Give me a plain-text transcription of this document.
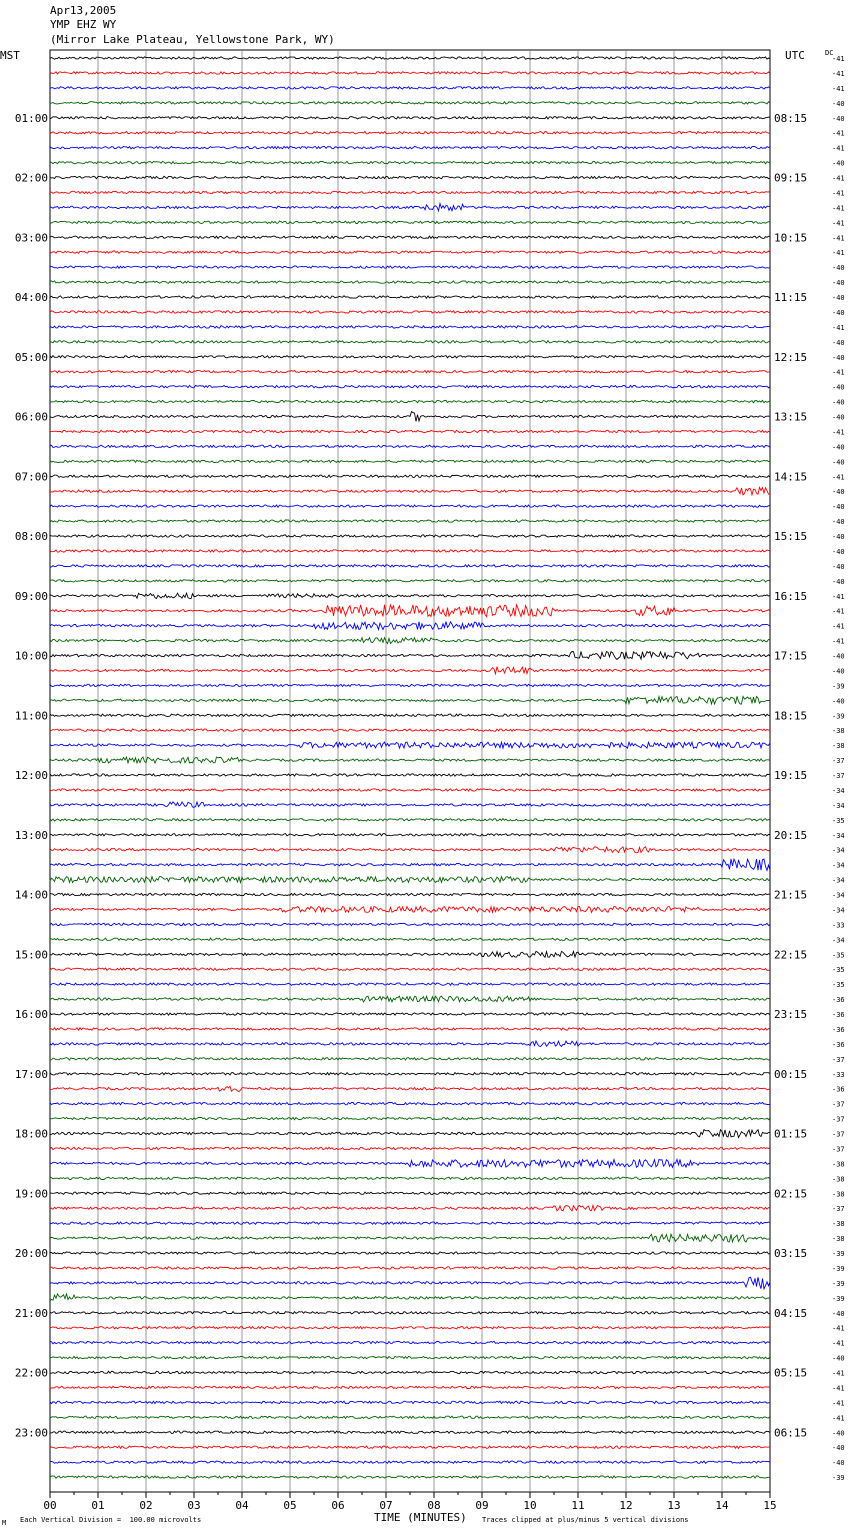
Apr13,2005
YMP EHZ WY
(Mirror Lake Plateau, Yellowstone Park, WY)
MST	UTC	DC
-41
-41
-41
-40
-40
-41
-41
-40
-41
-41
-41
-41
-41
-41
-40
-40
-40
-40
-41
-40
-40
-41
-40
-40
-40
-41
-40
-40
-41
-40
-40
-40
-40
-40
-40
-40
-41
-41
-41
-41
-40
-40
-39
-40
-39
-38
-38
-37
-37
-34
-34
-35
-34
-34
-34
-34
-34
-34
-33
-34
-35
-35
-35
-36
-36
-36
-36
-37
-33
-36
-37
-37
-37
-37
-38
-38
-38
-37
-38
-38
-39
-39
-39
-39
-40
-41
-41
-40
-41
-41
-41
-41
-40
-40
-40
-39
01:00
02:00
03:00
04:00
05:00
06:00
07:00
08:00
09:00
10:00
11:00
12:00
13:00
14:00
15:00
16:00
17:00
18:00
19:00
20:00
21:00
22:00
23:00
08:15
09:15
10:15
11:15
12:15
13:15
14:15
15:15
16:15
17:15
18:15
19:15
20:15
21:15
22:15
23:15
00:15
01:15
02:15
03:15
04:15
05:15
06:15
00	01	02	03	04	05	06	07	08	09	10	11	12	13	14	15
TIME (MINUTES)
M Each Vertical Division =  100.00 microvolts	Traces clipped at plus/minus 5 vertical divisions
